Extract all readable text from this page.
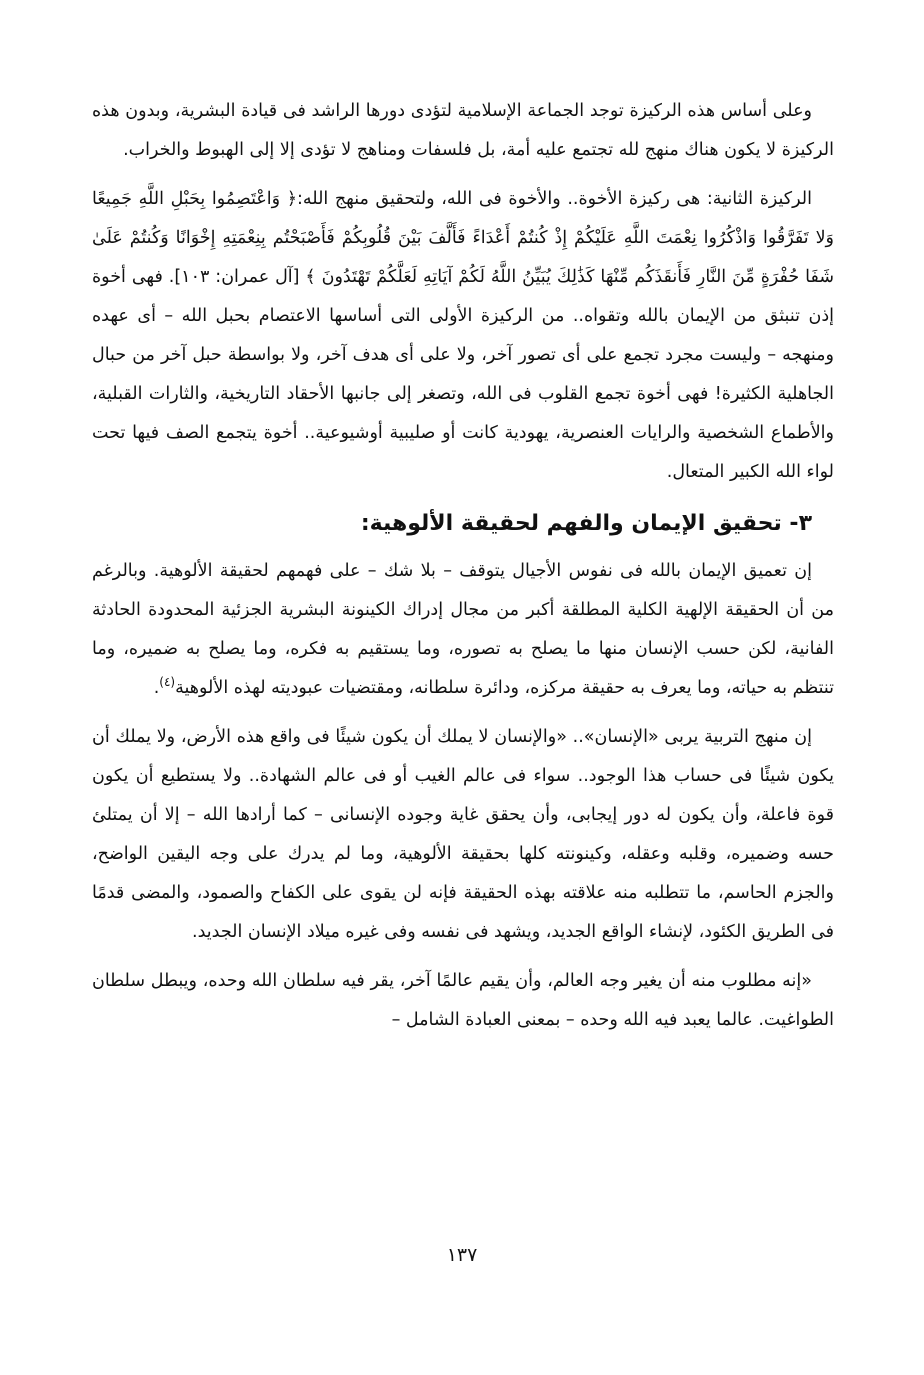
وعلى أساس هذه الركيزة توجد الجماعة الإسلامية لتؤدى دورها الراشد فى قيادة البشرية، وبدون هذه الركيزة لا يكون هناك منهج لله تجتمع عليه أمة، بل فلسفات ومناهج لا تؤدى إلا إلى الهبوط والخراب.

الركيزة الثانية: هى ركيزة الأخوة.. والأخوة فى الله، ولتحقيق منهج الله:﴿ وَاعْتَصِمُوا بِحَبْلِ اللَّهِ جَمِيعًا وَلا تَفَرَّقُوا وَاذْكُرُوا نِعْمَتَ اللَّهِ عَلَيْكُمْ إِذْ كُنتُمْ أَعْدَاءً فَأَلَّفَ بَيْنَ قُلُوبِكُمْ فَأَصْبَحْتُم بِنِعْمَتِهِ إِخْوَانًا وَكُنتُمْ عَلَىٰ شَفَا حُفْرَةٍ مِّنَ النَّارِ فَأَنقَذَكُم مِّنْهَا كَذَٰلِكَ يُبَيِّنُ اللَّهُ لَكُمْ آيَاتِهِ لَعَلَّكُمْ تَهْتَدُونَ ﴾ [آل عمران: ١٠٣]. فهى أخوة إذن تنبثق من الإيمان بالله وتقواه.. من الركيزة الأولى التى أساسها الاعتصام بحبل الله – أى عهده ومنهجه – وليست مجرد تجمع على أى تصور آخر، ولا على أى هدف آخر، ولا بواسطة حبل آخر من حبال الجاهلية الكثيرة! فهى أخوة تجمع القلوب فى الله، وتصغر إلى جانبها الأحقاد التاريخية، والثارات القبلية، والأطماع الشخصية والرايات العنصرية، يهودية كانت أو صليبية أوشيوعية.. أخوة يتجمع الصف فيها تحت لواء الله الكبير المتعال.

٣- تحقيق الإيمان والفهم لحقيقة الألوهية:

إن تعميق الإيمان بالله فى نفوس الأجيال يتوقف – بلا شك – على فهمهم لحقيقة الألوهية. وبالرغم من أن الحقيقة الإلهية الكلية المطلقة أكبر من مجال إدراك الكينونة البشرية الجزئية المحدودة الحادثة الفانية، لكن حسب الإنسان منها ما يصلح به تصوره، وما يستقيم به فكره، وما يصلح به ضميره، وما تنتظم به حياته، وما يعرف به حقيقة مركزه، ودائرة سلطانه، ومقتضيات عبوديته لهذه الألوهية$^{(٤)}$.

إن منهج التربية يربى «الإنسان».. «والإنسان لا يملك أن يكون شيئًا فى واقع هذه الأرض، ولا يملك أن يكون شيئًا فى حساب هذا الوجود.. سواء فى عالم الغيب أو فى عالم الشهادة.. ولا يستطيع أن يكون قوة فاعلة، وأن يكون له دور إيجابى، وأن يحقق غاية وجوده الإنسانى – كما أرادها الله – إلا أن يمتلئ حسه وضميره، وقلبه وعقله، وكينونته كلها بحقيقة الألوهية، وما لم يدرك على وجه اليقين الواضح، والجزم الحاسم، ما تتطلبه منه علاقته بهذه الحقيقة فإنه لن يقوى على الكفاح والصمود، والمضى قدمًا فى الطريق الكئود، لإنشاء الواقع الجديد، ويشهد فى نفسه وفى غيره ميلاد الإنسان الجديد.

«إنه مطلوب منه أن يغير وجه العالم، وأن يقيم عالمًا آخر، يقر فيه سلطان الله وحده، ويبطل سلطان الطواغيت. عالما يعبد فيه الله وحده – بمعنى العبادة الشامل –

١٣٧
